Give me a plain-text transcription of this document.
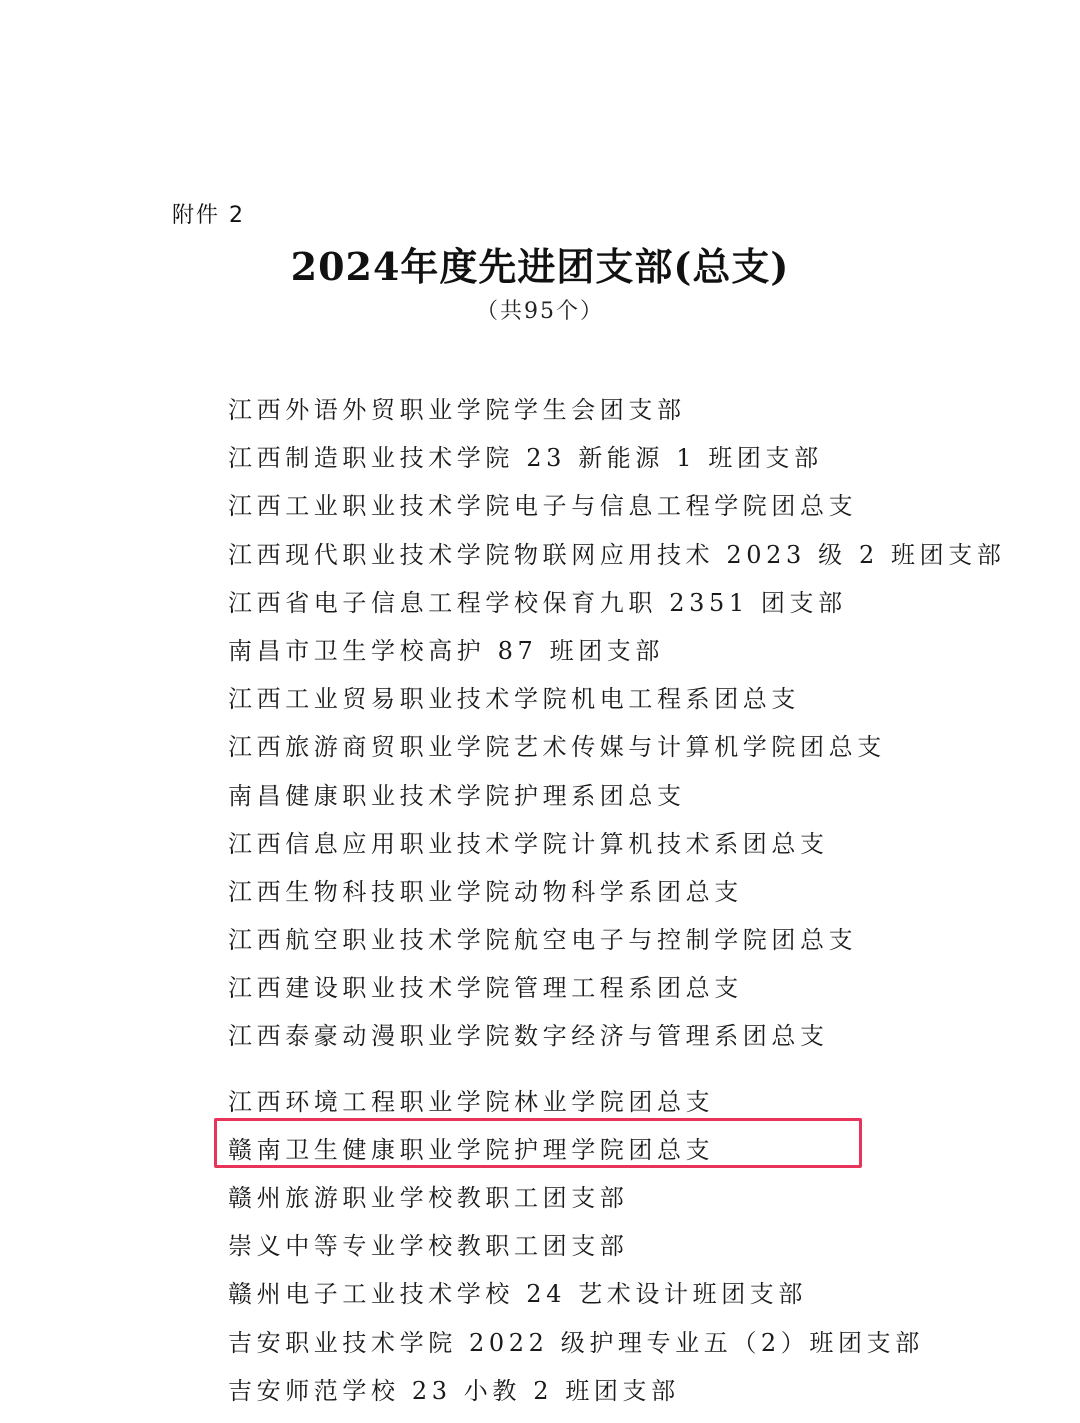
附件 2
2024年度先进团支部(总支)
（共95个）
江西外语外贸职业学院学生会团支部
江西制造职业技术学院 23 新能源 1 班团支部
江西工业职业技术学院电子与信息工程学院团总支
江西现代职业技术学院物联网应用技术 2023 级 2 班团支部
江西省电子信息工程学校保育九职 2351 团支部
南昌市卫生学校高护 87 班团支部
江西工业贸易职业技术学院机电工程系团总支
江西旅游商贸职业学院艺术传媒与计算机学院团总支
南昌健康职业技术学院护理系团总支
江西信息应用职业技术学院计算机技术系团总支
江西生物科技职业学院动物科学系团总支
江西航空职业技术学院航空电子与控制学院团总支
江西建设职业技术学院管理工程系团总支
江西泰豪动漫职业学院数字经济与管理系团总支
江西环境工程职业学院林业学院团总支
赣南卫生健康职业学院护理学院团总支
赣州旅游职业学校教职工团支部
崇义中等专业学校教职工团支部
赣州电子工业技术学校 24 艺术设计班团支部
吉安职业技术学院 2022 级护理专业五（2）班团支部
吉安师范学校 23 小教 2 班团支部
